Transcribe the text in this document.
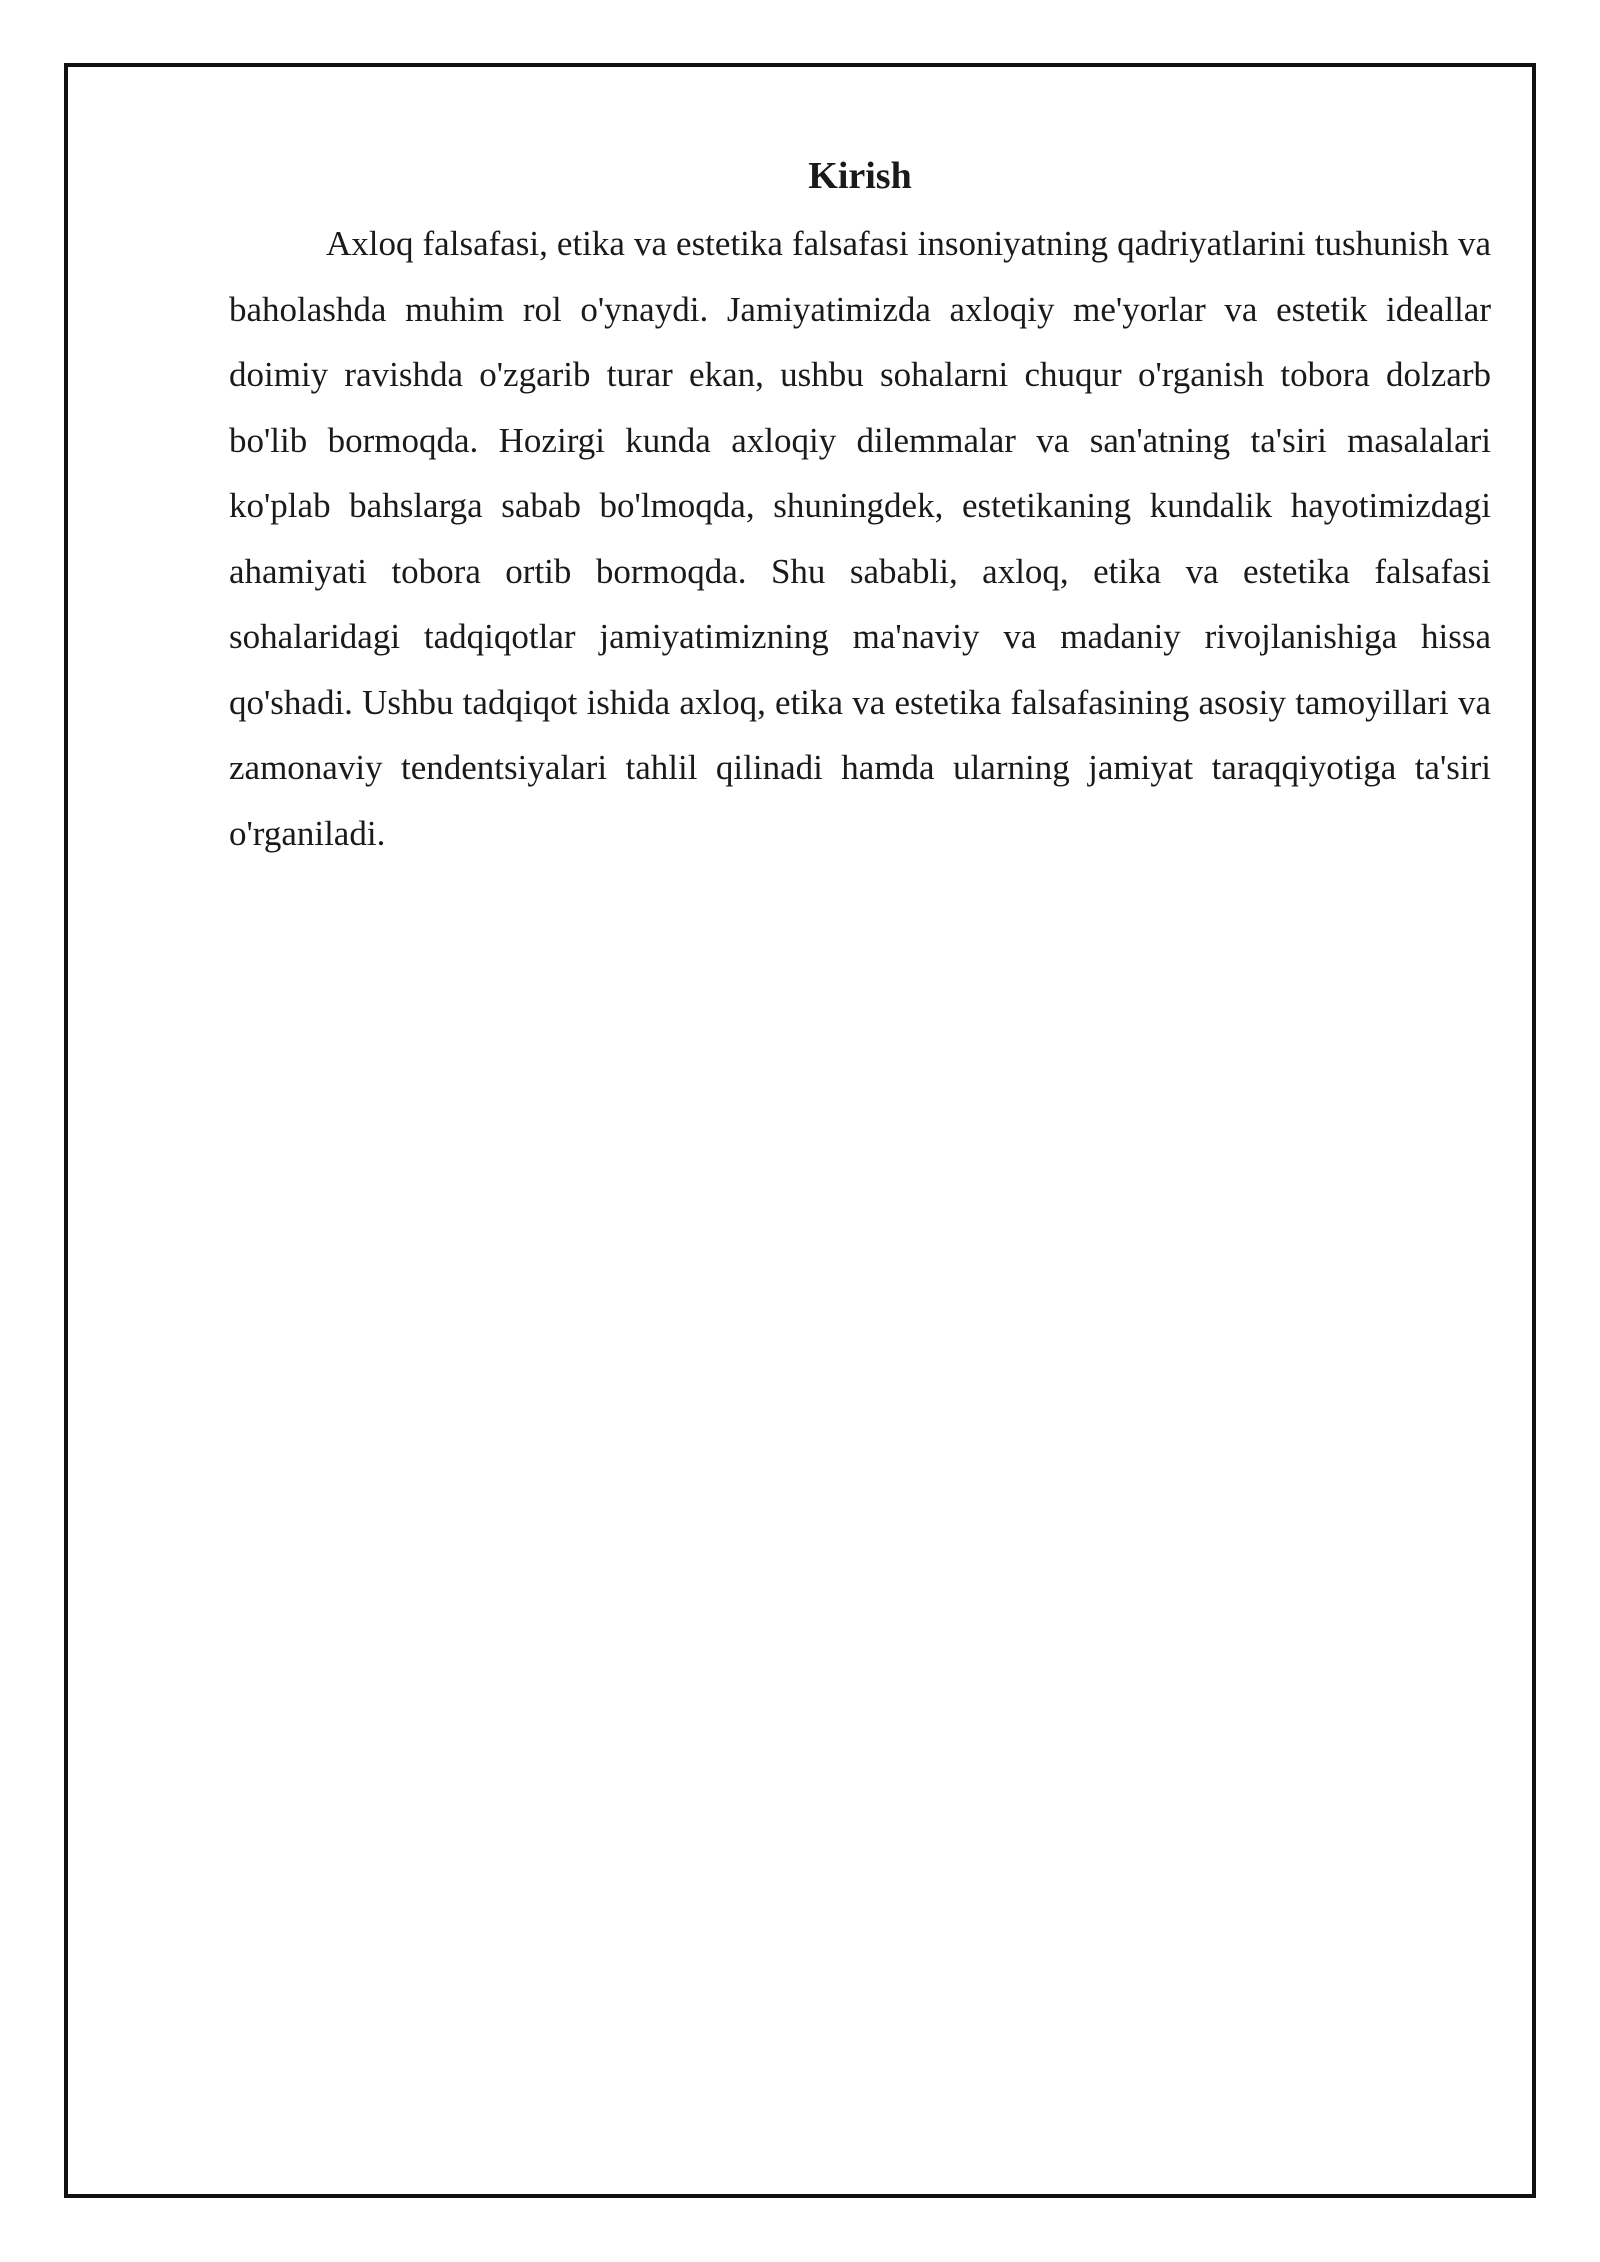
Kirish

Axloq falsafasi, etika va estetika falsafasi insoniyatning qadriyatlarini tushunish va baholashda muhim rol o'ynaydi. Jamiyatimizda axloqiy me'yorlar va estetik ideallar doimiy ravishda o'zgarib turar ekan, ushbu sohalarni chuqur o'rganish tobora dolzarb bo'lib bormoqda. Hozirgi kunda axloqiy dilemmalar va san'atning ta'siri masalalari ko'plab bahslarga sabab bo'lmoqda, shuningdek, estetikaning kundalik hayotimizdagi ahamiyati tobora ortib bormoqda. Shu sababli, axloq, etika va estetika falsafasi sohalaridagi tadqiqotlar jamiyatimizning ma'naviy va madaniy rivojlanishiga hissa qo'shadi. Ushbu tadqiqot ishida axloq, etika va estetika falsafasining asosiy tamoyillari va zamonaviy tendentsiyalari tahlil qilinadi hamda ularning jamiyat taraqqiyotiga ta'siri o'rganiladi.
